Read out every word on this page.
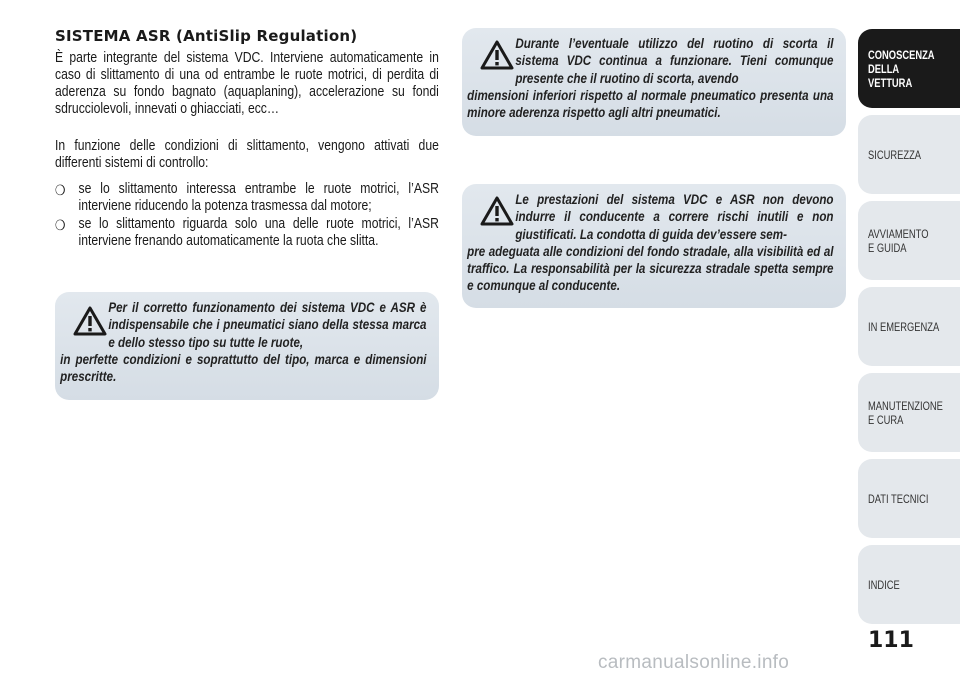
SISTEMA ASR (AntiSlip Regulation)

È parte integrante del sistema VDC. Interviene automaticamente in caso di slittamento di una od entrambe le ruote motrici, di perdita di aderenza su fondo bagnato (aquaplaning), accelerazione su fondi sdrucciolevoli, innevati o ghiacciati, ecc…

In funzione delle condizioni di slittamento, vengono attivati due differenti sistemi di controllo:

❍ se lo slittamento interessa entrambe le ruote motrici, l’ASR interviene riducendo la potenza trasmessa dal motore;
❍ se lo slittamento riguarda solo una delle ruote motrici, l’ASR interviene frenando automaticamente la ruota che slitta.

Durante l’eventuale utilizzo del ruotino di scorta il sistema VDC continua a funzionare. Tieni comunque presente che il ruotino di scorta, avendo
dimensioni inferiori rispetto al normale pneumatico presenta una minore aderenza rispetto agli altri pneumatici.

Le prestazioni del sistema VDC e ASR non devono indurre il conducente a correre rischi inutili e non giustificati. La condotta di guida dev’essere sem-
pre adeguata alle condizioni del fondo stradale, alla visibilità ed al traffico. La responsabilità per la sicurezza stradale spetta sempre e comunque al conducente.

Per il corretto funzionamento dei sistema VDC e ASR è indispensabile che i pneumatici siano della stessa marca e dello stesso tipo su tutte le ruote,
in perfette condizioni e soprattutto del tipo, marca e dimensioni prescritte.

CONOSCENZA
DELLA
VETTURA
SICUREZZA
AVVIAMENTO
E GUIDA
IN EMERGENZA
MANUTENZIONE
E CURA
DATI TECNICI
INDICE
111
carmanualsonline.info
